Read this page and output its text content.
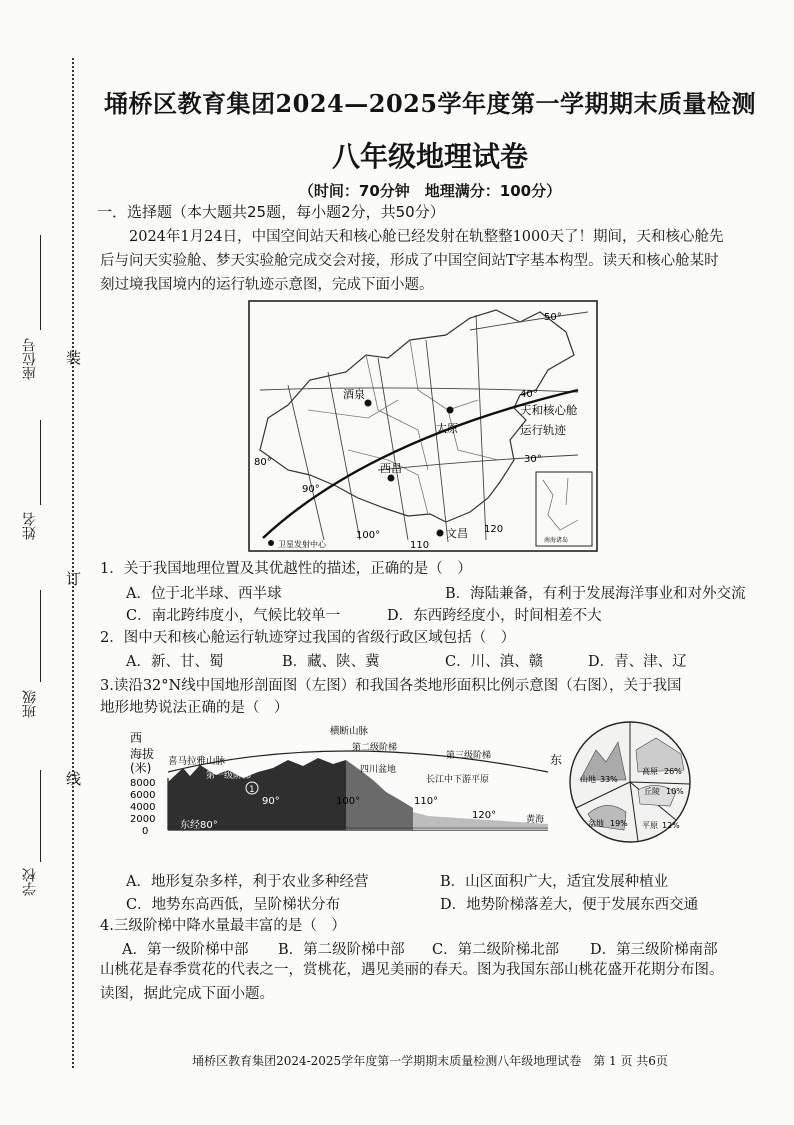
装
订
线
座位号
姓名
班级
学校
埇桥区教育集团2024—2025学年度第一学期期末质量检测
八年级地理试卷
（时间：70分钟　地理满分：100分）
一．选择题（本大题共25题，每小题2分，共50分）
2024年1月24日，中国空间站天和核心舱已经发射在轨整整1000天了！期间，天和核心舱先后与问天实验舱、梦天实验舱完成交会对接，形成了中国空间站T字基本构型。读天和核心舱某时刻过境我国境内的运行轨迹示意图，完成下面小题。
酒泉
太原
西昌
文昌
天和核心舱
运行轨迹
50°
40°
30°
80°
90°
100°
110
120
卫星发射中心	南海诸岛
1．关于我国地理位置及其优越性的描述，正确的是（　）
A．位于北半球、西半球	B．海陆兼备，有利于发展海洋事业和对外交流
C．南北跨纬度小，气候比较单一	D．东西跨经度小，时间相差不大
2．图中天和核心舱运行轨迹穿过我国的省级行政区域包括（　）
A．新、甘、蜀	B．藏、陕、冀	C．川、滇、赣	D．青、津、辽
3.读沿32°N线中国地形剖面图（左图）和我国各类地形面积比例示意图（右图），关于我国
地形地势说法正确的是（　）
西
海拔
(米)
东
8000
6000
4000
2000
0
喜马拉雅山脉
横断山脉
第一级阶梯
第二级阶梯
第三级阶梯
四川盆地
长江中下游平原
黄海
1
东经80°
90°	100°	110°
120°
山地 33%
高原 26%
丘陵 10%
盆地 19% 平原 12%
A．地形复杂多样，利于农业多种经营	B．山区面积广大，适宜发展种植业
C．地势东高西低，呈阶梯状分布	D．地势阶梯落差大，便于发展东西交通
4.三级阶梯中降水量最丰富的是（　）
A．第一级阶梯中部 B．第二级阶梯中部 C．第二级阶梯北部 D．第三级阶梯南部
山桃花是春季赏花的代表之一，赏桃花，遇见美丽的春天。图为我国东部山桃花盛开花期分布图。读图，据此完成下面小题。
埇桥区教育集团2024-2025学年度第一学期期末质量检测八年级地理试卷　第 1 页 共6页
